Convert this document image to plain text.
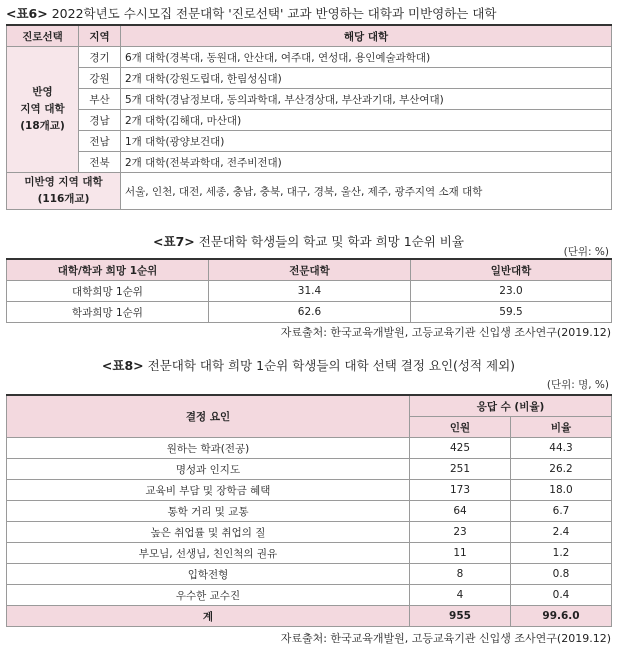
<표6> 2022학년도 수시모집 전문대학 '진로선택' 교과 반영하는 대학과 미반영하는 대학
진로선택	지역	해당 대학

반영
지역 대학
(18개교)	경기	6개 대학(경복대, 동원대, 안산대, 여주대, 연성대, 용인예술과학대)
	강원	2개 대학(강원도립대, 한림성심대)
	부산	5개 대학(경남정보대, 동의과학대, 부산경상대, 부산과기대, 부산여대)
	경남	2개 대학(김해대, 마산대)
	전남	1개 대학(광양보건대)
	전북	2개 대학(전북과학대, 전주비전대)

미반영 지역 대학
(116개교)		서울, 인천, 대전, 세종, 충남, 충북, 대구, 경북, 울산, 제주, 광주지역 소재 대학
<표7> 전문대학 학생들의 학교 및 학과 희망 1순위 비율
(단위: %)
대학/학과 희망 1순위	전문대학	일반대학
대학희망 1순위	31.4	23.0
학과희망 1순위	62.6	59.5
자료출처: 한국교육개발원, 고등교육기관 신입생 조사연구(2019.12)
<표8> 전문대학 대학 희망 1순위 학생들의 대학 선택 결정 요인(성적 제외)
(단위: 명, %)
결정 요인	응답 수 (비율)	
	인원	비율
원하는 학과(전공)	425	44.3
명성과 인지도	251	26.2
교육비 부담 및 장학금 혜택	173	18.0
통학 거리 및 교통	64	6.7
높은 취업률 및 취업의 질	23	2.4
부모님, 선생님, 친인척의 권유	11	1.2
입학전형	8	0.8
우수한 교수진	4	0.4
계	955	99.6.0
자료출처: 한국교육개발원, 고등교육기관 신입생 조사연구(2019.12)
